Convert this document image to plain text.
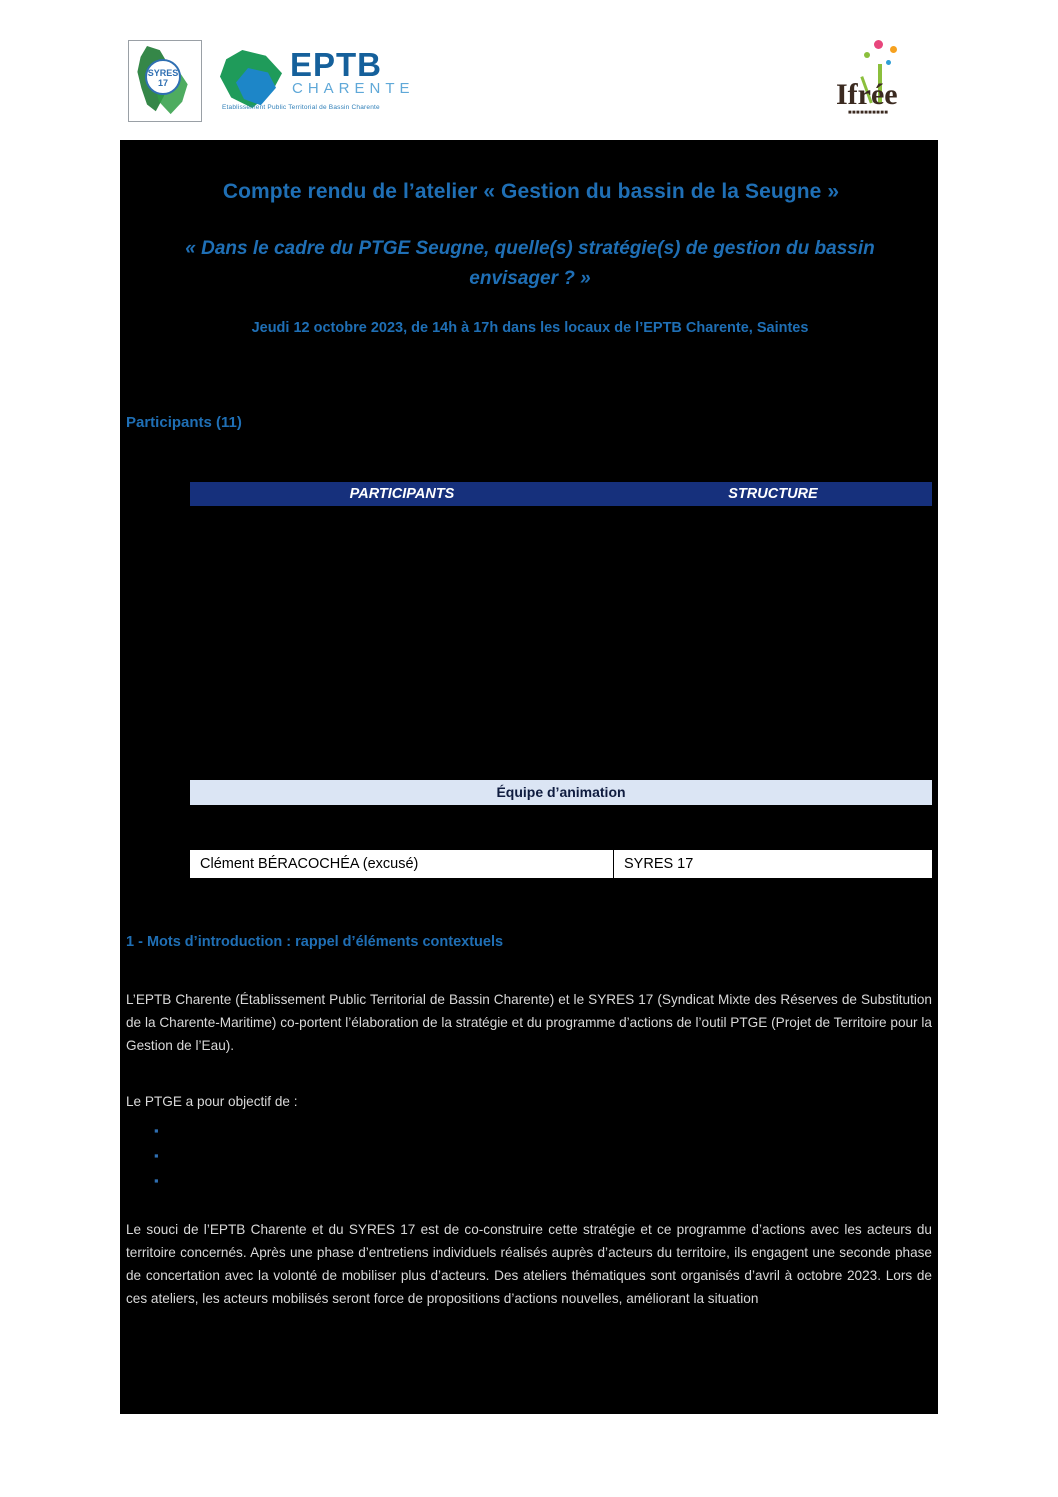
SYRES
17	EPTB
CHARENTE
Etablissement Public Territorial de Bassin Charente	Ifrée
■■■■■■■■■■
Compte rendu de l’atelier « Gestion du bassin de la Seugne »
« Dans le cadre du PTGE Seugne, quelle(s) stratégie(s) de gestion du bassin envisager ? »
Jeudi 12 octobre 2023, de 14h à 17h dans les locaux de l’EPTB Charente, Saintes
Participants (11)
PARTICIPANTS	STRUCTURE
Équipe d’animation
Clément BÉRACOCHÉA (excusé)	SYRES 17
1 - Mots d’introduction : rappel d’éléments contextuels
L’EPTB Charente (Établissement Public Territorial de Bassin Charente) et le SYRES 17 (Syndicat Mixte des Réserves de Substitution de la Charente-Maritime) co-portent l’élaboration de la stratégie et du programme d’actions de l’outil PTGE (Projet de Territoire pour la Gestion de l’Eau).
Le PTGE a pour objectif de :
▪
▪
▪
Le souci de l’EPTB Charente et du SYRES 17 est de co-construire cette stratégie et ce programme d’actions avec les acteurs du territoire concernés. Après une phase d’entretiens individuels réalisés auprès d’acteurs du territoire, ils engagent une seconde phase de concertation avec la volonté de mobiliser plus d’acteurs. Des ateliers thématiques sont organisés d’avril à octobre 2023. Lors de ces ateliers, les acteurs mobilisés seront force de propositions d’actions nouvelles, améliorant la situation
